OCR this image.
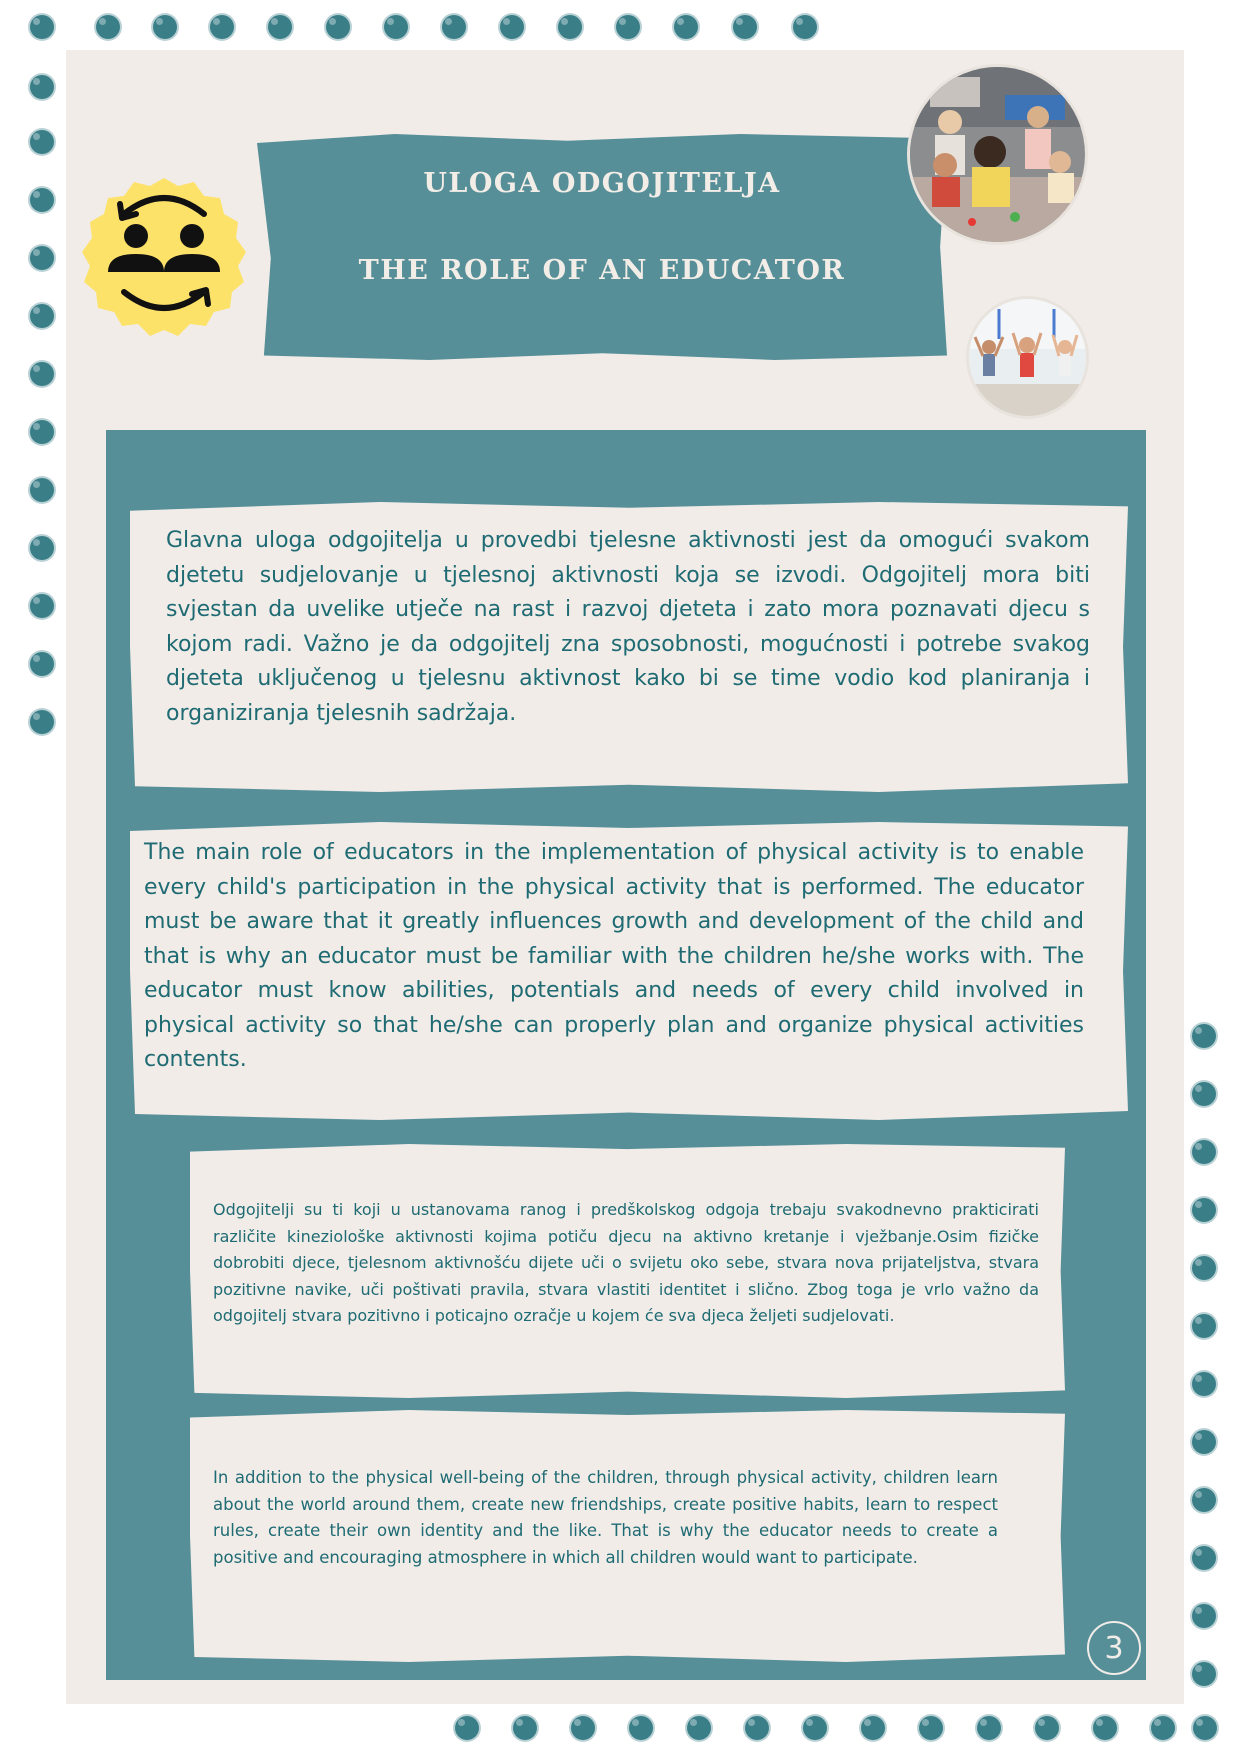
ULOGA ODGOJITELJA
THE ROLE OF AN EDUCATOR

Glavna uloga odgojitelja u provedbi tjelesne aktivnosti jest da omogući svakom djetetu sudjelovanje u tjelesnoj aktivnosti koja se izvodi. Odgojitelj mora biti svjestan da uvelike utječe na rast i razvoj djeteta i zato mora poznavati djecu s kojom radi. Važno je da odgojitelj zna sposobnosti, mogućnosti i potrebe svakog djeteta uključenog u tjelesnu aktivnost kako bi se time vodio kod planiranja i organiziranja tjelesnih sadržaja.

The main role of educators in the implementation of physical activity is to enable every child's participation in the physical activity that is performed. The educator must be aware that it greatly influences growth and development of the child and that is why an educator must be familiar with the children he/she works with. The educator must know abilities, potentials and needs of every child involved in physical activity so that he/she can properly plan and organize physical activities contents.

Odgojitelji su ti koji u ustanovama ranog i predškolskog odgoja trebaju svakodnevno prakticirati različite kineziološke aktivnosti kojima potiču djecu na aktivno kretanje i vježbanje.Osim fizičke dobrobiti djece, tjelesnom aktivnošću dijete uči o svijetu oko sebe, stvara nova prijateljstva, stvara pozitivne navike, uči poštivati pravila, stvara vlastiti identitet i slično. Zbog toga je vrlo važno da odgojitelj stvara pozitivno i poticajno ozračje u kojem će sva djeca željeti sudjelovati.

In addition to the physical well-being of the children, through physical activity, children learn about the world around them, create new friendships, create positive habits, learn to respect rules, create their own identity and the like. That is why the educator needs to create a positive and encouraging atmosphere in which all children would want to participate.

3
